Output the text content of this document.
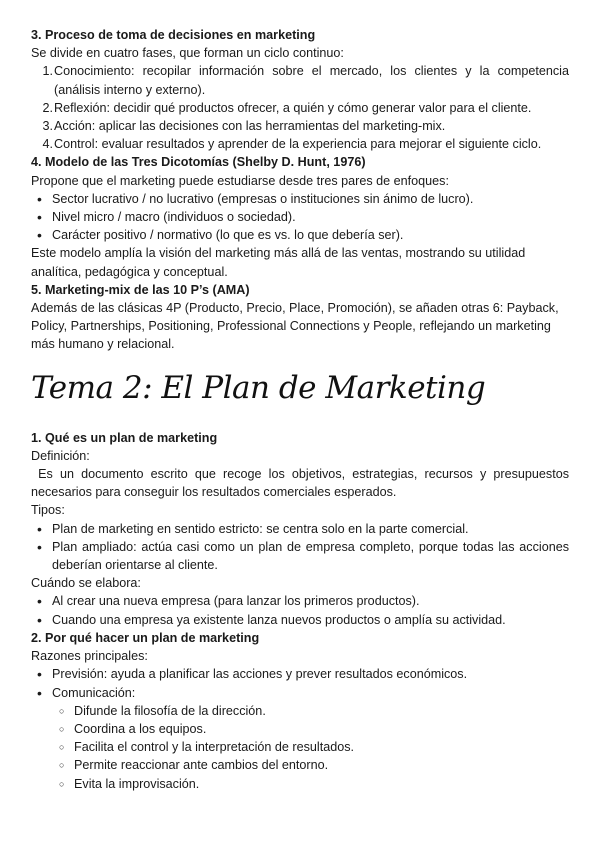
3. Proceso de toma de decisiones en marketing
Se divide en cuatro fases, que forman un ciclo continuo:
1. Conocimiento: recopilar información sobre el mercado, los clientes y la competencia (análisis interno y externo).
2. Reflexión: decidir qué productos ofrecer, a quién y cómo generar valor para el cliente.
3. Acción: aplicar las decisiones con las herramientas del marketing-mix.
4. Control: evaluar resultados y aprender de la experiencia para mejorar el siguiente ciclo.
4. Modelo de las Tres Dicotomías (Shelby D. Hunt, 1976)
Propone que el marketing puede estudiarse desde tres pares de enfoques:
• Sector lucrativo / no lucrativo (empresas o instituciones sin ánimo de lucro).
• Nivel micro / macro (individuos o sociedad).
• Carácter positivo / normativo (lo que es vs. lo que debería ser).
Este modelo amplía la visión del marketing más allá de las ventas, mostrando su utilidad analítica, pedagógica y conceptual.
5. Marketing-mix de las 10 P’s (AMA)
Además de las clásicas 4P (Producto, Precio, Place, Promoción), se añaden otras 6: Payback, Policy, Partnerships, Positioning, Professional Connections y People, reflejando un marketing más humano y relacional.
Tema 2: El Plan de Marketing
1. Qué es un plan de marketing
Definición:
Es un documento escrito que recoge los objetivos, estrategias, recursos y presupuestos necesarios para conseguir los resultados comerciales esperados.
Tipos:
• Plan de marketing en sentido estricto: se centra solo en la parte comercial.
• Plan ampliado: actúa casi como un plan de empresa completo, porque todas las acciones deberían orientarse al cliente.
Cuándo se elabora:
• Al crear una nueva empresa (para lanzar los primeros productos).
• Cuando una empresa ya existente lanza nuevos productos o amplía su actividad.
2. Por qué hacer un plan de marketing
Razones principales:
• Previsión: ayuda a planificar las acciones y prever resultados económicos.
• Comunicación:
○ Difunde la filosofía de la dirección.
○ Coordina a los equipos.
○ Facilita el control y la interpretación de resultados.
○ Permite reaccionar ante cambios del entorno.
○ Evita la improvisación.
